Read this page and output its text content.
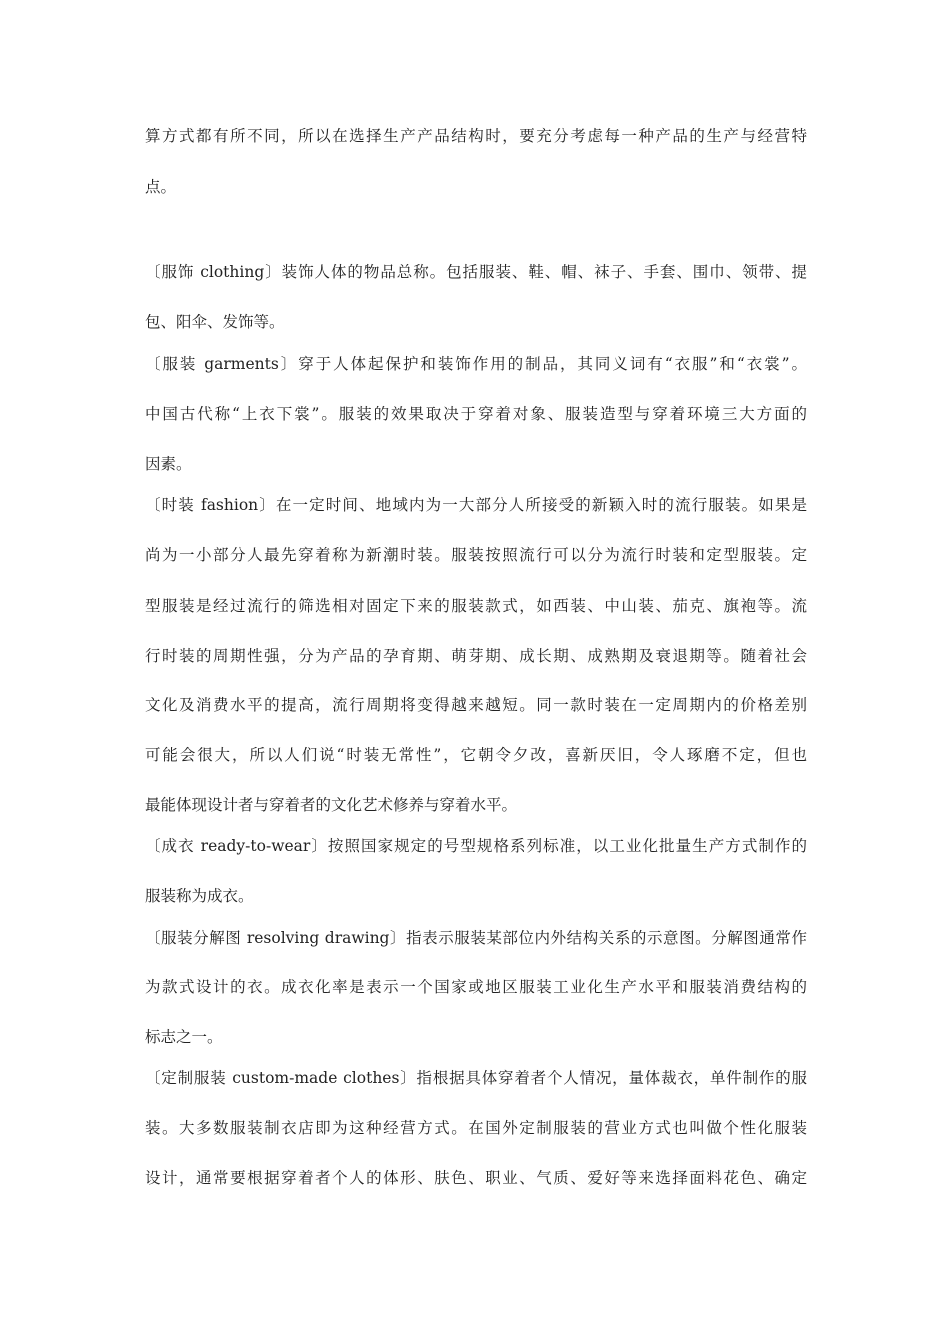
算方式都有所不同，所以在选择生产产品结构时，要充分考虑每一种产品的生产与经营特

点。

〔服饰 clothing〕装饰人体的物品总称。包括服装、鞋、帽、袜子、手套、围巾、领带、提

包、阳伞、发饰等。

〔服装 garments〕穿于人体起保护和装饰作用的制品，其同义词有“衣服”和“衣裳”。

中国古代称“上衣下裳”。服装的效果取决于穿着对象、服装造型与穿着环境三大方面的

因素。

〔时装 fashion〕在一定时间、地域内为一大部分人所接受的新颖入时的流行服装。如果是

尚为一小部分人最先穿着称为新潮时装。服装按照流行可以分为流行时装和定型服装。定

型服装是经过流行的筛选相对固定下来的服装款式，如西装、中山装、茄克、旗袍等。流

行时装的周期性强，分为产品的孕育期、萌芽期、成长期、成熟期及衰退期等。随着社会

文化及消费水平的提高，流行周期将变得越来越短。同一款时装在一定周期内的价格差别

可能会很大，所以人们说“时装无常性”，它朝令夕改，喜新厌旧，令人琢磨不定，但也

最能体现设计者与穿着者的文化艺术修养与穿着水平。

〔成衣 ready-to-wear〕按照国家规定的号型规格系列标准，以工业化批量生产方式制作的

服装称为成衣。

〔服装分解图 resolving drawing〕指表示服装某部位内外结构关系的示意图。分解图通常作

为款式设计的衣。成衣化率是表示一个国家或地区服装工业化生产水平和服装消费结构的

标志之一。

〔定制服装 custom-made clothes〕指根据具体穿着者个人情况，量体裁衣，单件制作的服

装。大多数服装制衣店即为这种经营方式。在国外定制服装的营业方式也叫做个性化服装

设计，通常要根据穿着者个人的体形、肤色、职业、气质、爱好等来选择面料花色、确定
